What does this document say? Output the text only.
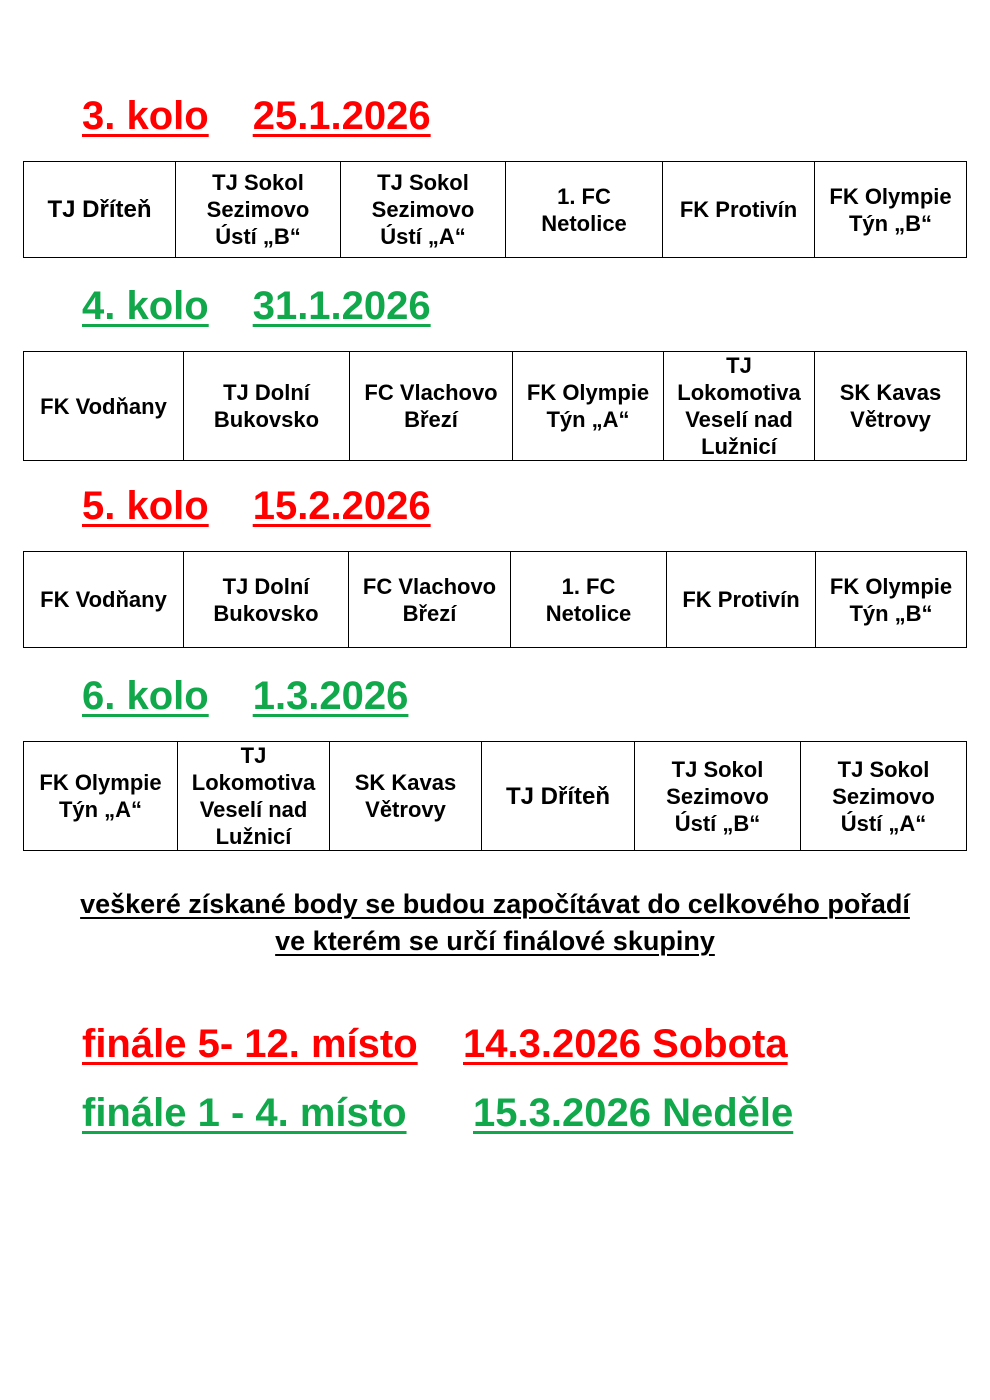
3. kolo 25.1.2026
TJ Dříteň	TJ Sokol
Sezimovo
Ústí „B“	TJ Sokol
Sezimovo
Ústí „A“	1. FC
Netolice	FK Protivín	FK Olympie
Týn „B“
4. kolo 31.1.2026
FK Vodňany	TJ Dolní
Bukovsko	FC Vlachovo
Březí	FK Olympie
Týn „A“	TJ
Lokomotiva
Veselí nad
Lužnicí	SK Kavas
Větrovy
5. kolo 15.2.2026
FK Vodňany	TJ Dolní
Bukovsko	FC Vlachovo
Březí	1. FC
Netolice	FK Protivín	FK Olympie
Týn „B“
6. kolo 1.3.2026
FK Olympie
Týn „A“	TJ
Lokomotiva
Veselí nad
Lužnicí	SK Kavas
Větrovy	TJ Dříteň	TJ Sokol
Sezimovo
Ústí „B“	TJ Sokol
Sezimovo
Ústí „A“

veškeré získané body se budou započítávat do celkového pořadí
ve kterém se určí finálové skupiny

finále 5- 12. místo 14.3.2026 Sobota

finále 1 - 4. místo 15.3.2026 Neděle
